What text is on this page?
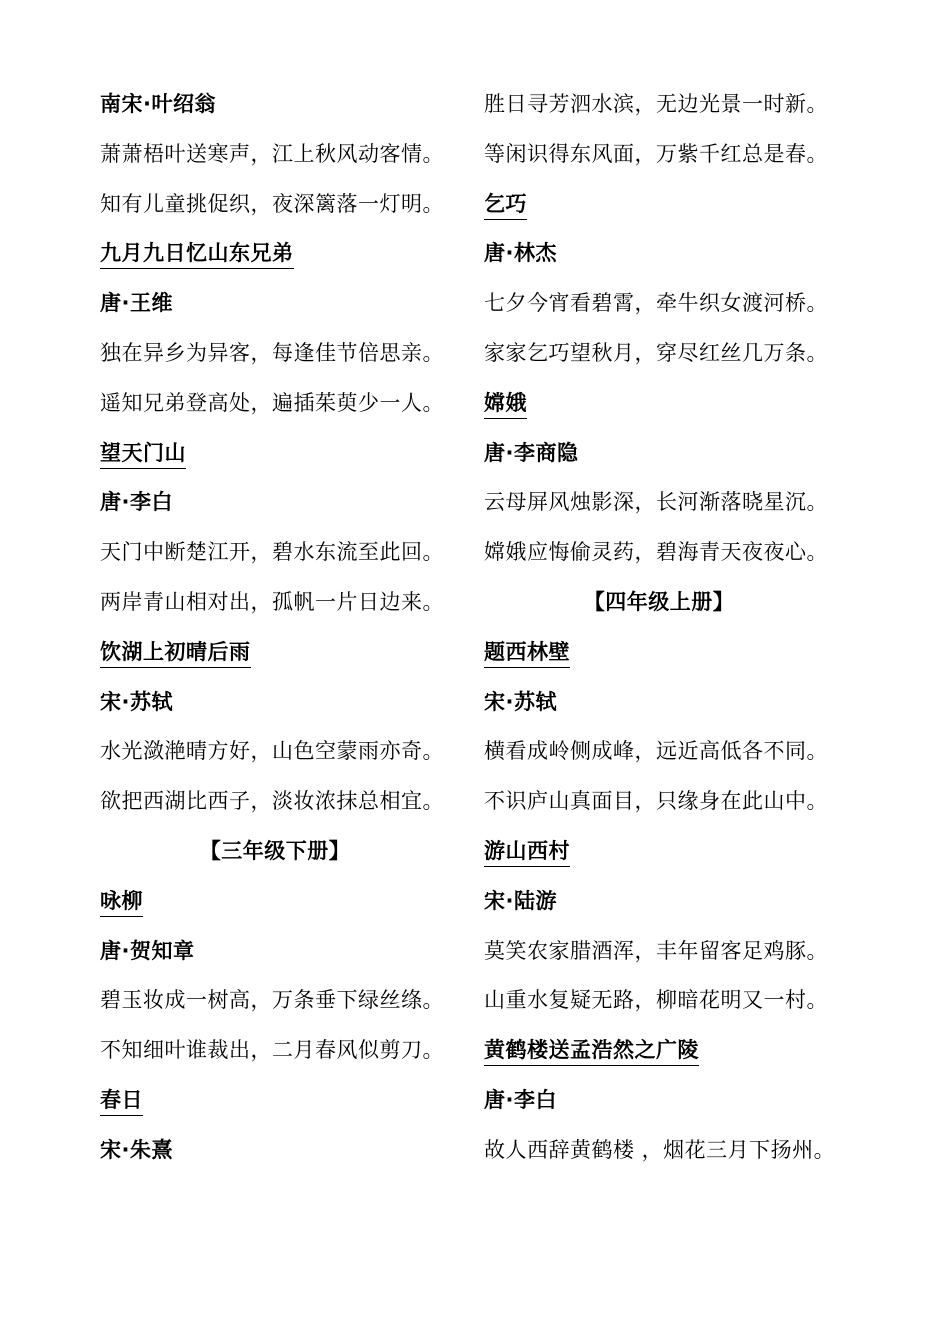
南宋·叶绍翁
萧萧梧叶送寒声，江上秋风动客情。
知有儿童挑促织，夜深篱落一灯明。
九月九日忆山东兄弟
唐·王维
独在异乡为异客，每逢佳节倍思亲。
遥知兄弟登高处，遍插茱萸少一人。
望天门山
唐·李白
天门中断楚江开，碧水东流至此回。
两岸青山相对出，孤帆一片日边来。
饮湖上初晴后雨
宋·苏轼
水光潋滟晴方好，山色空蒙雨亦奇。
欲把西湖比西子，淡妆浓抹总相宜。
【三年级下册】
咏柳
唐·贺知章
碧玉妆成一树高，万条垂下绿丝绦。
不知细叶谁裁出，二月春风似剪刀。
春日
宋·朱熹
胜日寻芳泗水滨，无边光景一时新。
等闲识得东风面，万紫千红总是春。
乞巧
唐·林杰
七夕今宵看碧霄，牵牛织女渡河桥。
家家乞巧望秋月，穿尽红丝几万条。
嫦娥
唐·李商隐
云母屏风烛影深，长河渐落晓星沉。
嫦娥应悔偷灵药，碧海青天夜夜心。
【四年级上册】
题西林壁
宋·苏轼
横看成岭侧成峰，远近高低各不同。
不识庐山真面目，只缘身在此山中。
游山西村
宋·陆游
莫笑农家腊酒浑，丰年留客足鸡豚。
山重水复疑无路，柳暗花明又一村。
黄鹤楼送孟浩然之广陵
唐·李白
故人西辞黄鹤楼 ，烟花三月下扬州。
